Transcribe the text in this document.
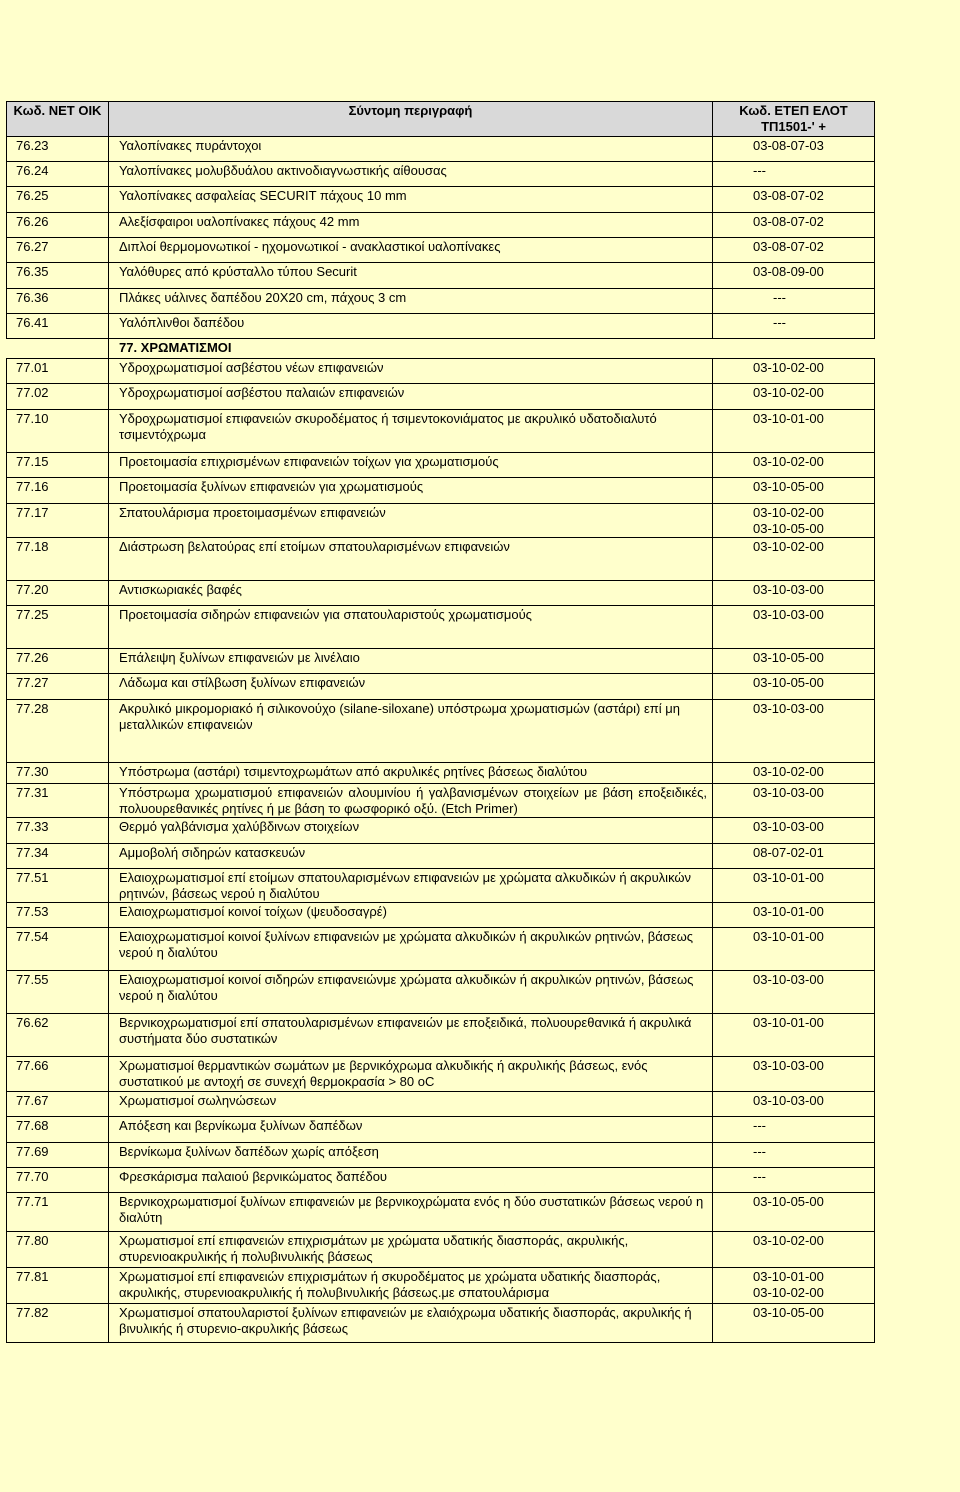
Κωδ. ΝΕΤ ΟΙΚ	Σύντομη περιγραφή	Κωδ. ΕΤΕΠ ΕΛΟΤ ΤΠ1501-' +
76.23	Υαλοπίνακες πυράντοχοι	03-08-07-03
76.24	Υαλοπίνακες μολυβδυάλου ακτινοδιαγνωστικής αίθουσας	---
76.25	Υαλοπίνακες ασφαλείας SECURIT πάχους 10 mm	03-08-07-02
76.26	Αλεξίσφαιροι υαλοπίνακες πάχους 42 mm	03-08-07-02
76.27	Διπλοί θερμομονωτικοί - ηχομονωτικοί - ανακλαστικοί υαλοπίνακες	03-08-07-02
76.35	Υαλόθυρες από κρύσταλλο τύπου Securit	03-08-09-00
76.36	Πλάκες υάλινες δαπέδου 20Χ20 cm, πάχους 3 cm	---
76.41	Υαλόπλινθοι δαπέδου	---
	77. ΧΡΩΜΑΤΙΣΜΟΙ	
77.01	Υδροχρωματισμοί ασβέστου νέων επιφανειών	03-10-02-00
77.02	Υδροχρωματισμοί ασβέστου παλαιών επιφανειών	03-10-02-00
77.10	Υδροχρωματισμοί επιφανειών σκυροδέματος ή τσιμεντοκονιάματος με ακρυλικό υδατοδιαλυτό τσιμεντόχρωμα	03-10-01-00
77.15	Προετοιμασία επιχρισμένων επιφανειών τοίχων για χρωματισμούς	03-10-02-00
77.16	Προετοιμασία ξυλίνων επιφανειών για χρωματισμούς	03-10-05-00
77.17	Σπατουλάρισμα προετοιμασμένων επιφανειών	03-10-02-00
03-10-05-00

77.18	Διάστρωση βελατούρας επί ετοίμων σπατουλαρισμένων επιφανειών	03-10-02-00
77.20	Αντισκωριακές βαφές	03-10-03-00
77.25	Προετοιμασία σιδηρών επιφανειών για σπατουλαριστούς χρωματισμούς	03-10-03-00
77.26	Επάλειψη ξυλίνων επιφανειών με λινέλαιο	03-10-05-00
77.27	Λάδωμα και στίλβωση ξυλίνων επιφανειών	03-10-05-00
77.28	Ακρυλικό μικρομοριακό ή σιλικονούχο (silane-siloxane) υπόστρωμα χρωματισμών (αστάρι) επί μη μεταλλικών επιφανειών	03-10-03-00
77.30	Υπόστρωμα (αστάρι) τσιμεντοχρωμάτων από ακρυλικές ρητίνες βάσεως διαλύτου	03-10-02-00
77.31	Υπόστρωμα χρωματισμού επιφανειών αλουμινίου ή γαλβανισμένων στοιχείων με βάση εποξειδικές, πολυουρεθανικές ρητίνες ή με βάση το φωσφορικό οξύ. (Etch Primer)	03-10-03-00
77.33	Θερμό γαλβάνισμα χαλύβδινων στοιχείων	03-10-03-00
77.34	Αμμοβολή σιδηρών κατασκευών	08-07-02-01
77.51	Ελαιοχρωματισμοί επί ετοίμων σπατουλαρισμένων επιφανειών με χρώματα αλκυδικών ή ακρυλικών ρητινών, βάσεως νερού η διαλύτου	03-10-01-00
77.53	Ελαιοχρωματισμοί κοινοί τοίχων (ψευδοσαγρέ)	03-10-01-00
77.54	Ελαιοχρωματισμοί κοινοί ξυλίνων επιφανειών με χρώματα αλκυδικών ή ακρυλικών ρητινών, βάσεως νερού η διαλύτου	03-10-01-00
77.55	Ελαιοχρωματισμοί κοινοί σιδηρών επιφανειώνμε χρώματα αλκυδικών ή ακρυλικών ρητινών, βάσεως νερού η διαλύτου	03-10-03-00
76.62	Βερνικοχρωματισμοί επί σπατουλαρισμένων επιφανειών με εποξειδικά, πολυουρεθανικά ή ακρυλικά συστήματα δύο συστατικών	03-10-01-00
77.66	Χρωματισμοί θερμαντικών σωμάτων με βερνικόχρωμα αλκυδικής ή ακρυλικής βάσεως, ενός συστατικού με αντοχή σε συνεχή θερμοκρασία > 80 oC	03-10-03-00
77.67	Χρωματισμοί σωληνώσεων	03-10-03-00
77.68	Απόξεση και βερνίκωμα ξυλίνων δαπέδων	---
77.69	Βερνίκωμα ξυλίνων δαπέδων χωρίς απόξεση	---
77.70	Φρεσκάρισμα παλαιού βερνικώματος δαπέδου	---
77.71	Βερνικοχρωματισμοί ξυλίνων επιφανειών με βερνικοχρώματα ενός η δύο συστατικών βάσεως νερού η διαλύτη	03-10-05-00
77.80	Χρωματισμοί επί επιφανειών επιχρισμάτων με χρώματα υδατικής διασποράς, ακρυλικής, στυρενιοακρυλικής ή πολυβινυλικής βάσεως	03-10-02-00
77.81	Χρωματισμοί επί επιφανειών επιχρισμάτων ή σκυροδέματος με χρώματα υδατικής διασποράς, ακρυλικής, στυρενιοακρυλικής ή πολυβινυλικής βάσεως.με σπατουλάρισμα	03-10-01-00
03-10-02-00

77.82	Χρωματισμοί σπατουλαριστοί ξυλίνων επιφανειών με ελαιόχρωμα υδατικής διασποράς, ακρυλικής ή βινυλικής ή στυρενιο-ακρυλικής βάσεως	03-10-05-00
